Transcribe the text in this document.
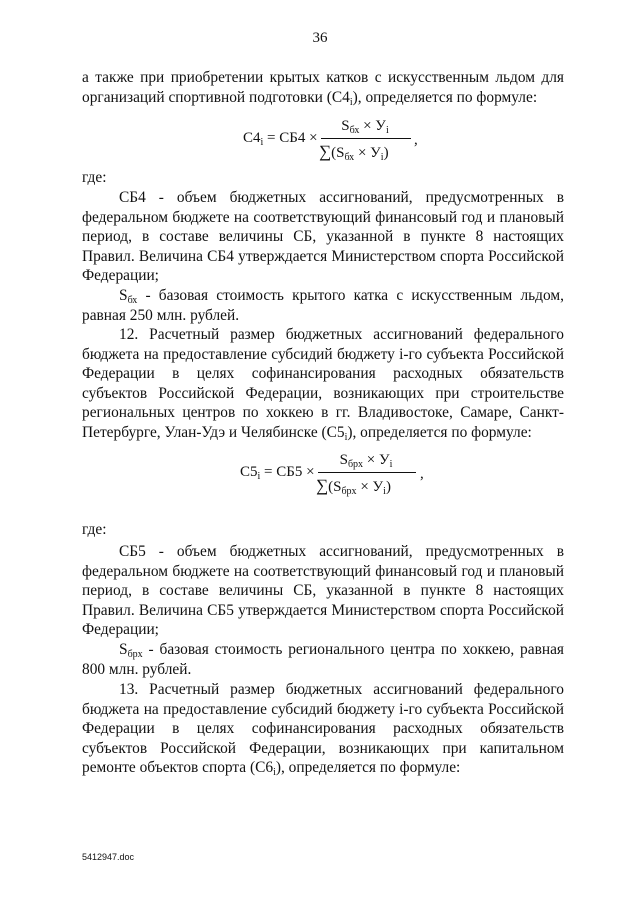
36
а также при приобретении крытых катков с искусственным льдом для
организаций спортивной подготовки $(С4_i)$, определяется по формуле:
$С4_i = СБ4$ ×
$S_{бх} \times У_i$
$\sum(S_{бх} \times У_i)$
,
где:
СБ4 - объем бюджетных ассигнований, предусмотренных в федеральном бюджете на соответствующий финансовый год и плановый период, в составе величины СБ, указанной в пункте 8 настоящих Правил. Величина СБ4 утверждается Министерством спорта Российской Федерации;
$S_{бх}$ - базовая стоимость крытого катка с искусственным льдом, равная 250 млн. рублей.
12. Расчетный размер бюджетных ассигнований федерального бюджета на предоставление субсидий бюджету i-го субъекта Российской Федерации в целях софинансирования расходных обязательств субъектов Российской Федерации, возникающих при строительстве региональных центров по хоккею в гг. Владивостоке, Самаре, Санкт-Петербурге, Улан-Удэ и Челябинске $(С5_i)$, определяется по формуле:
$С5_i = СБ5$ ×
$S_{брх} \times У_i$
$\sum(S_{брх} \times У_i)$
,
где:
СБ5 - объем бюджетных ассигнований, предусмотренных в федеральном бюджете на соответствующий финансовый год и плановый период, в составе величины СБ, указанной в пункте 8 настоящих Правил. Величина СБ5 утверждается Министерством спорта Российской Федерации;
$S_{брх}$ - базовая стоимость регионального центра по хоккею, равная 800 млн. рублей.
13. Расчетный размер бюджетных ассигнований федерального бюджета на предоставление субсидий бюджету i-го субъекта Российской Федерации в целях софинансирования расходных обязательств субъектов Российской Федерации, возникающих при капитальном ремонте объектов спорта $(С6_i)$, определяется по формуле:
5412947.doc
